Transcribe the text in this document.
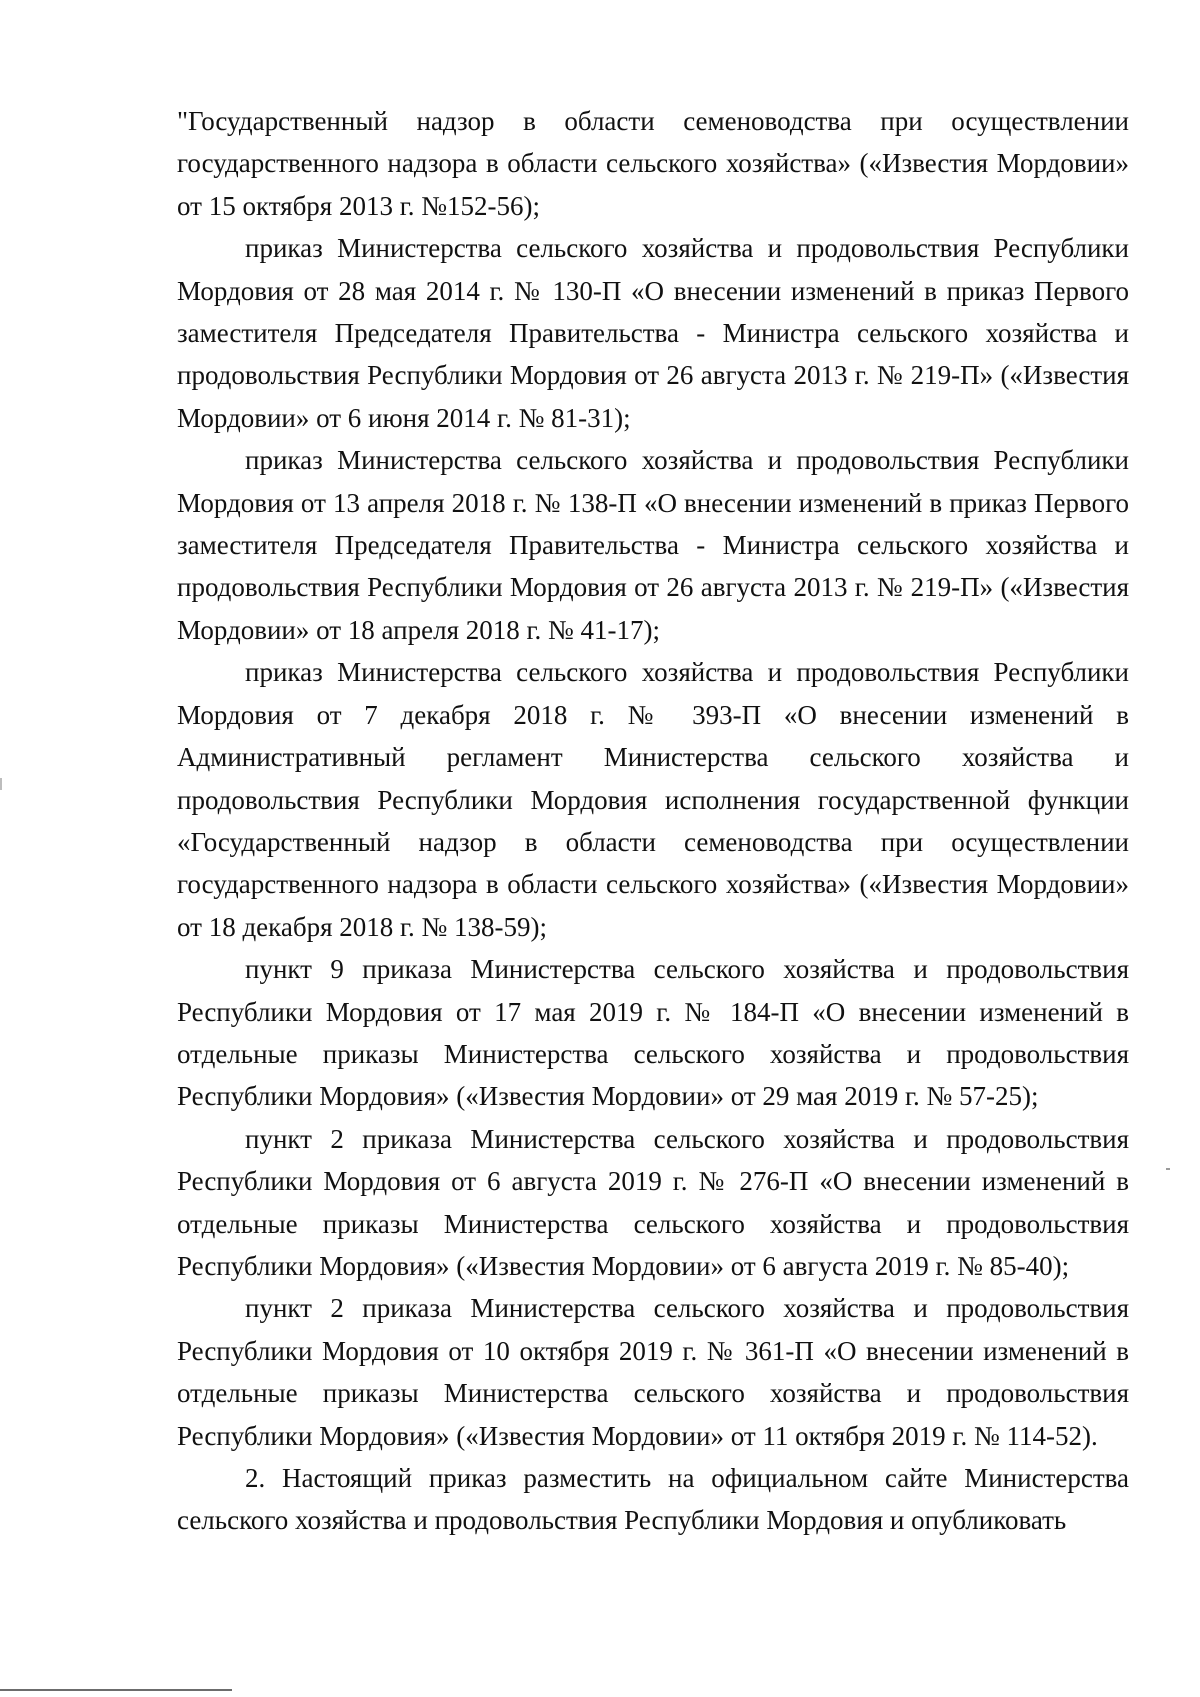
"Государственный надзор в области семеноводства при осуществлении государственного надзора в области сельского хозяйства» («Известия Мордовии» от 15 октября 2013 г. №152-56);

приказ Министерства сельского хозяйства и продовольствия Республики Мордовия от 28 мая 2014 г. № 130-П «О внесении изменений в приказ Первого заместителя Председателя Правительства - Министра сельского хозяйства и продовольствия Республики Мордовия от 26 августа 2013 г. № 219-П» («Известия Мордовии» от 6 июня 2014 г. № 81-31);

приказ Министерства сельского хозяйства и продовольствия Республики Мордовия от 13 апреля 2018 г. № 138-П «О внесении изменений в приказ Первого заместителя Председателя Правительства - Министра сельского хозяйства и продовольствия Республики Мордовия от 26 августа 2013 г. № 219-П» («Известия Мордовии» от 18 апреля 2018 г. № 41-17);

приказ Министерства сельского хозяйства и продовольствия Республики Мордовия от 7 декабря 2018 г. № 393-П «О внесении изменений в Административный регламент Министерства сельского хозяйства и продовольствия Республики Мордовия исполнения государственной функции «Государственный надзор в области семеноводства при осуществлении государственного надзора в области сельского хозяйства» («Известия Мордовии» от 18 декабря 2018 г. № 138-59);

пункт 9 приказа Министерства сельского хозяйства и продовольствия Республики Мордовия от 17 мая 2019 г. № 184-П «О внесении изменений в отдельные приказы Министерства сельского хозяйства и продовольствия Республики Мордовия» («Известия Мордовии» от 29 мая 2019 г. № 57-25);

пункт 2 приказа Министерства сельского хозяйства и продовольствия Республики Мордовия от 6 августа 2019 г. № 276-П «О внесении изменений в отдельные приказы Министерства сельского хозяйства и продовольствия Республики Мордовия» («Известия Мордовии» от 6 августа 2019 г. № 85-40);

пункт 2 приказа Министерства сельского хозяйства и продовольствия Республики Мордовия от 10 октября 2019 г. № 361-П «О внесении изменений в отдельные приказы Министерства сельского хозяйства и продовольствия Республики Мордовия» («Известия Мордовии» от 11 октября 2019 г. № 114-52).

2. Настоящий приказ разместить на официальном сайте Министерства сельского хозяйства и продовольствия Республики Мордовия и опубликовать
